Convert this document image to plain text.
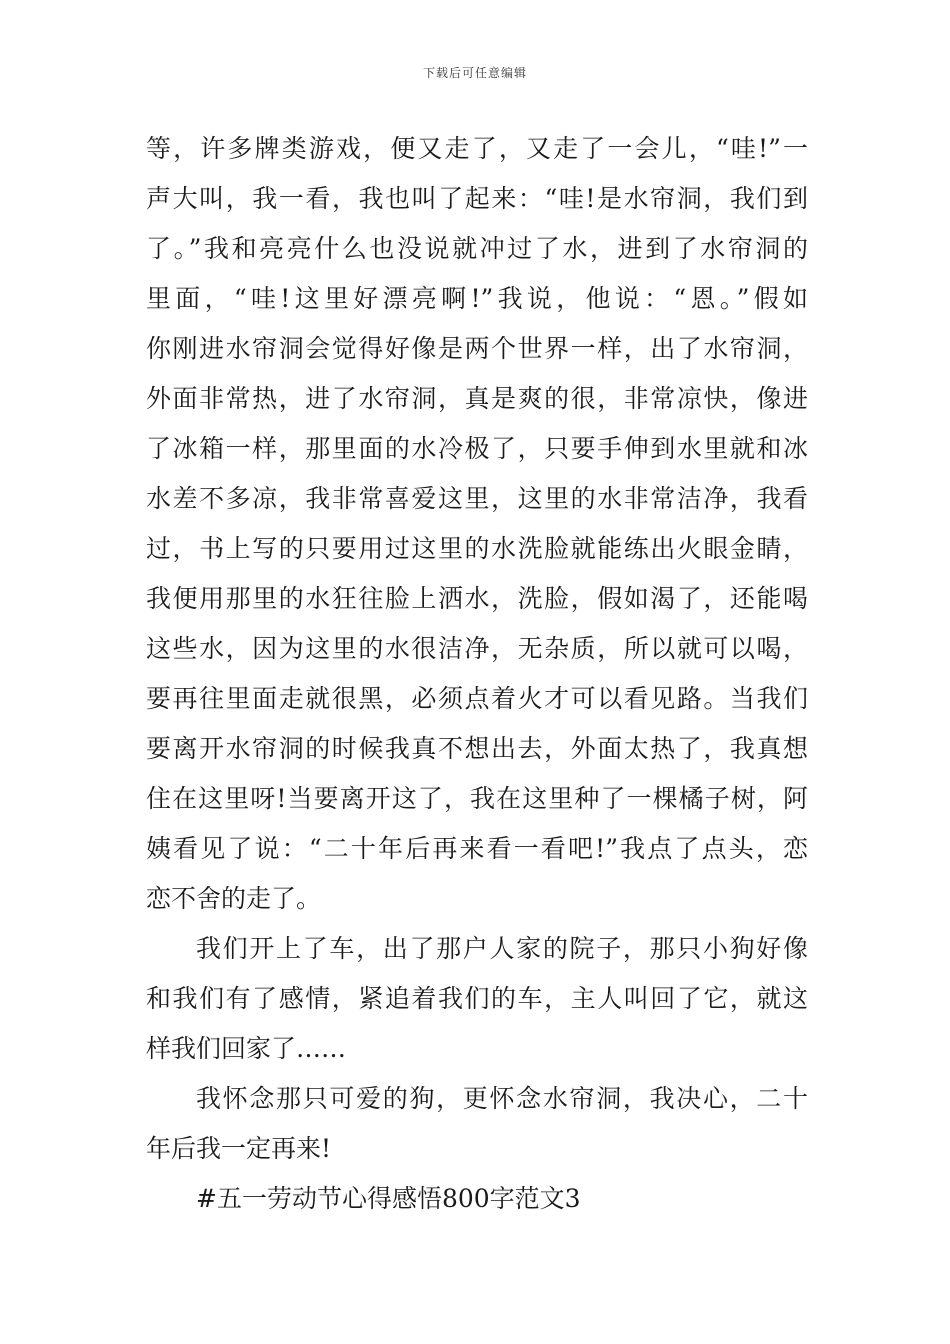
下载后可任意编辑
等，许多牌类游戏，便又走了，又走了一会儿，“哇!”一
声大叫，我一看，我也叫了起来：“哇!是水帘洞，我们到
了。”我和亮亮什么也没说就冲过了水，进到了水帘洞的
里面，“哇!这里好漂亮啊!”我说，他说：“恩。”假如
你刚进水帘洞会觉得好像是两个世界一样，出了水帘洞，
外面非常热，进了水帘洞，真是爽的很，非常凉快，像进
了冰箱一样，那里面的水冷极了，只要手伸到水里就和冰
水差不多凉，我非常喜爱这里，这里的水非常洁净，我看
过，书上写的只要用过这里的水洗脸就能练出火眼金睛，
我便用那里的水狂往脸上洒水，洗脸，假如渴了，还能喝
这些水，因为这里的水很洁净，无杂质，所以就可以喝，
要再往里面走就很黑，必须点着火才可以看见路。当我们
要离开水帘洞的时候我真不想出去，外面太热了，我真想
住在这里呀!当要离开这了，我在这里种了一棵橘子树，阿
姨看见了说：“二十年后再来看一看吧!”我点了点头，恋
恋不舍的走了。
我们开上了车，出了那户人家的院子，那只小狗好像
和我们有了感情，紧追着我们的车，主人叫回了它，就这
样我们回家了……
我怀念那只可爱的狗，更怀念水帘洞，我决心，二十
年后我一定再来!
#五一劳动节心得感悟800字范文3
